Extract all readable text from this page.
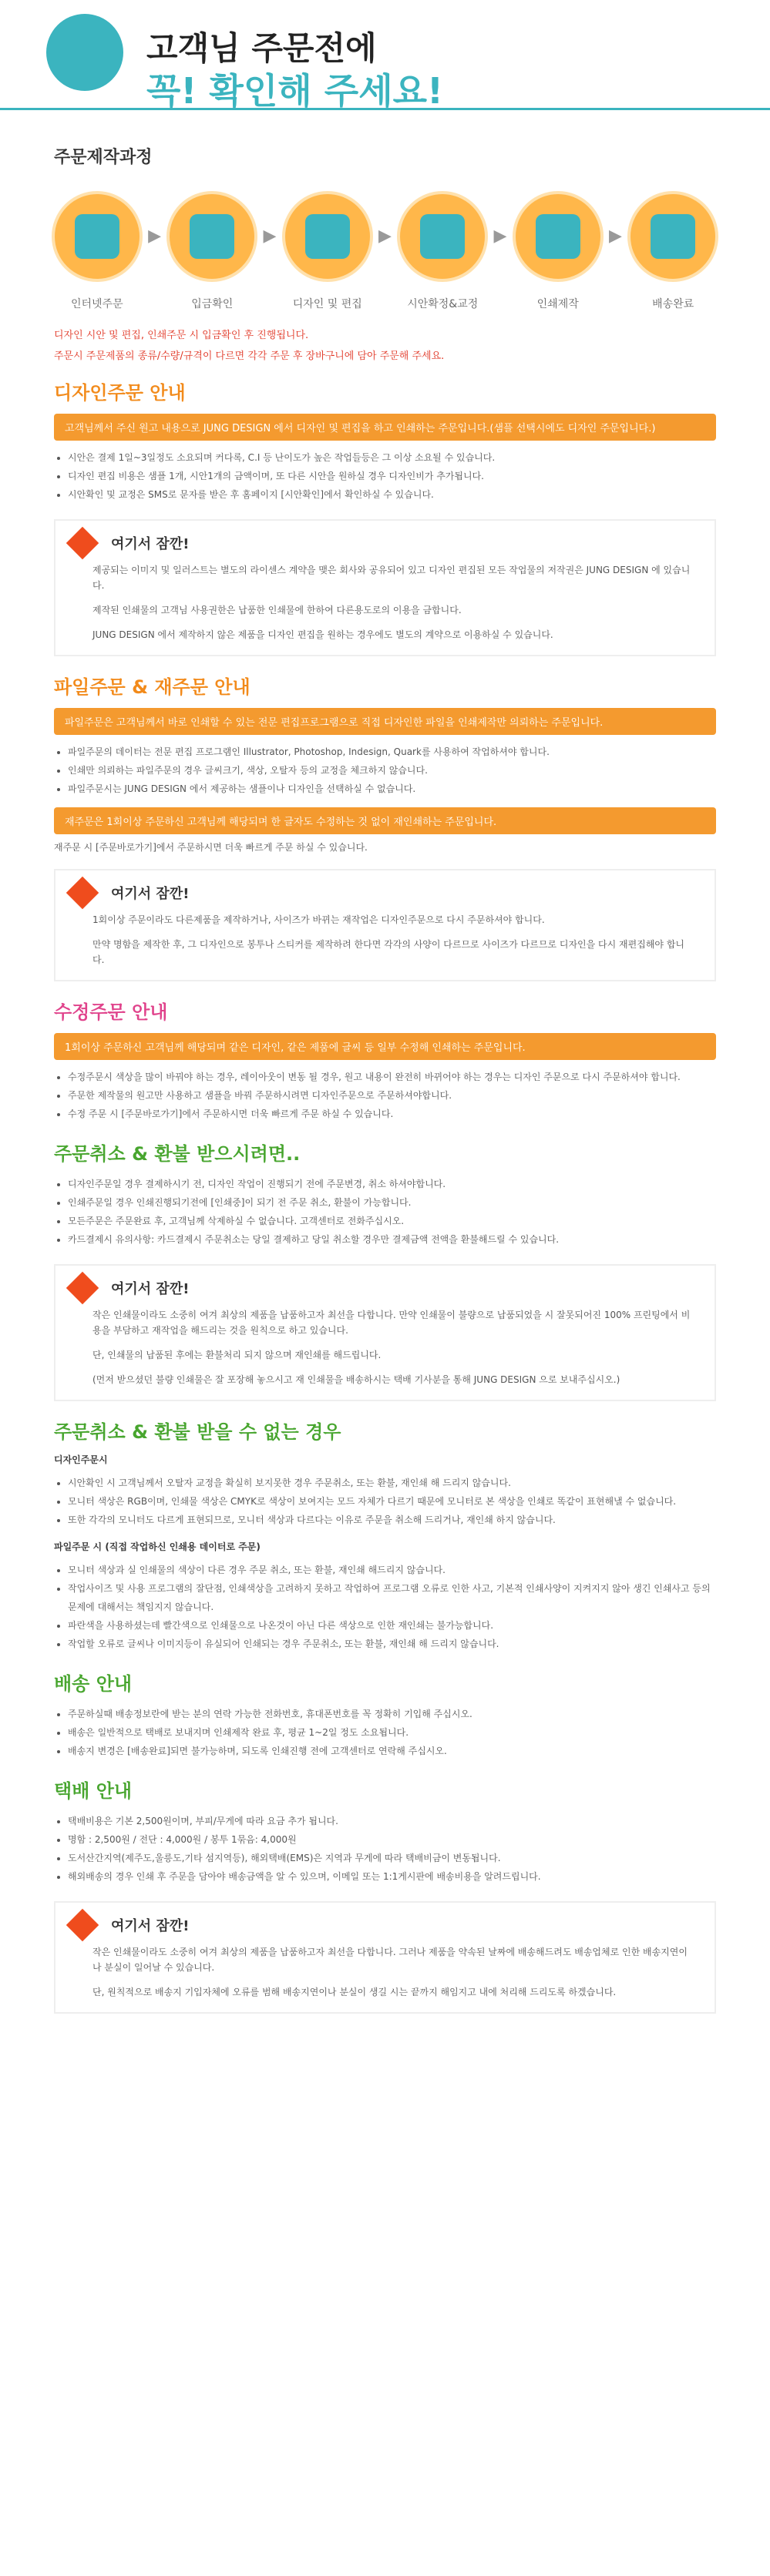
고객님 주문전에
꼭! 확인해 주세요!
주문제작과정
인터넷주문
▶
입금확인
▶
디자인 및 편집
▶
시안확정&교정
▶
인쇄제작
▶
배송완료
디자인 시안 및 편집, 인쇄주문 시 입금확인 후 진행됩니다.
주문시 주문제품의 종류/수량/규격이 다르면 각각 주문 후 장바구니에 담아 주문해 주세요.
디자인주문 안내
고객님께서 주신 원고 내용으로 JUNG DESIGN 에서 디자인 및 편집을 하고 인쇄하는 주문입니다.(샘플 선택시에도 디자인 주문입니다.)
• 시안은 결제 1일~3일정도 소요되며 커다록, C.I 등 난이도가 높은 작업들등은 그 이상 소요될 수 있습니다.
• 디자인 편집 비용은 샘플 1개, 시안1개의 금액이며, 또 다른 시안을 원하실 경우 디자인비가 추가됩니다.
• 시안확인 및 교정은 SMS로 문자를 받은 후 홈페이지 [시안확인]에서 확인하실 수 있습니다.
여기서 잠깐!

제공되는 이미지 및 일러스트는 별도의 라이센스 계약을 맺은 회사와 공유되어 있고 디자인 편집된 모든 작업물의 저작권은 JUNG DESIGN 에 있습니다.

제작된 인쇄물의 고객님 사용권한은 납품한 인쇄물에 한하여 다른용도로의 이용을 금합니다.

JUNG DESIGN 에서 제작하지 않은 제품을 디자인 편집을 원하는 경우에도 별도의 계약으로 이용하실 수 있습니다.

파일주문 & 재주문 안내
파일주문은 고객님께서 바로 인쇄할 수 있는 전문 편집프로그램으로 직접 디자인한 파일을 인쇄제작만 의뢰하는 주문입니다.
• 파일주문의 데이터는 전문 편집 프로그램인 Illustrator, Photoshop, Indesign, Quark를 사용하여 작업하셔야 합니다.
• 인쇄만 의뢰하는 파일주문의 경우 글씨크기, 색상, 오탈자 등의 교정을 체크하지 않습니다.
• 파일주문시는 JUNG DESIGN 에서 제공하는 샘플이나 디자인을 선택하실 수 없습니다.
재주문은 1회이상 주문하신 고객님께 해당되며 한 글자도 수정하는 것 없이 재인쇄하는 주문입니다.
재주문 시 [주문바로가기]에서 주문하시면 더욱 빠르게 주문 하실 수 있습니다.
여기서 잠깐!

1회이상 주문이라도 다른제품을 제작하거나, 사이즈가 바뀌는 재작업은 디자인주문으로 다시 주문하셔야 합니다.

만약 명함을 제작한 후, 그 디자인으로 봉투나 스티커를 제작하려 한다면 각각의 사양이 다르므로 사이즈가 다르므로 디자인을 다시 재편집해야 합니다.

수정주문 안내
1회이상 주문하신 고객님께 해당되며 같은 디자인, 같은 제품에 글씨 등 일부 수정해 인쇄하는 주문입니다.
• 수정주문시 색상을 많이 바꿔야 하는 경우, 레이아웃이 변동 될 경우, 원고 내용이 완전히 바뀌어야 하는 경우는 디자인 주문으로 다시 주문하셔야 합니다.
• 주문한 제작물의 원고만 사용하고 샘플을 바꿔 주문하시려면 디자인주문으로 주문하셔야합니다.
• 수정 주문 시 [주문바로가기]에서 주문하시면 더욱 빠르게 주문 하실 수 있습니다.
주문취소 & 환불 받으시려면..
• 디자인주문일 경우 결제하시기 전, 디자인 작업이 진행되기 전에 주문변경, 취소 하셔야합니다.
• 인쇄주문일 경우 인쇄진행되기전에 [인쇄중]이 되기 전 주문 취소, 환불이 가능합니다.
• 모든주문은 주문완료 후, 고객님께 삭제하실 수 없습니다. 고객센터로 전화주십시오.
• 카드결제시 유의사항: 카드결제시 주문취소는 당일 결제하고 당일 취소할 경우만 결제금액 전액을 환불해드릴 수 있습니다.
여기서 잠깐!

작은 인쇄물이라도 소중히 여겨 최상의 제품을 납품하고자 최선을 다합니다. 만약 인쇄물이 불량으로 납품되었을 시 잘못되어진 100% 프린팅에서 비용을 부담하고 재작업을 해드리는 것을 원칙으로 하고 있습니다.

단, 인쇄물의 납품된 후에는 환불처리 되지 않으며 재인쇄를 해드립니다.

(먼저 받으셨던 불량 인쇄물은 잘 포장해 놓으시고 재 인쇄물을 배송하시는 택배 기사분을 통해 JUNG DESIGN 으로 보내주십시오.)

주문취소 & 환불 받을 수 없는 경우
디자인주문시
• 시안확인 시 고객님께서 오탈자 교정을 확실히 보지못한 경우 주문취소, 또는 환불, 재인쇄 해 드리지 않습니다.
• 모니터 색상은 RGB이며, 인쇄물 색상은 CMYK로 색상이 보여지는 모드 자체가 다르기 때문에 모니터로 본 색상을 인쇄로 똑같이 표현해낼 수 없습니다.
• 또한 각각의 모니터도 다르게 표현되므로, 모니터 색상과 다르다는 이유로 주문을 취소해 드리거나, 재인쇄 하지 않습니다.
파일주문 시 (직접 작업하신 인쇄용 데이터로 주문)
• 모니터 색상과 실 인쇄물의 색상이 다른 경우 주문 취소, 또는 환불, 재인쇄 해드리지 않습니다.
• 작업사이즈 및 사용 프로그램의 잘단점, 인쇄색상을 고려하지 못하고 작업하여 프로그램 오류로 인한 사고, 기본적 인쇄사양이 지켜지지 않아 생긴 인쇄사고 등의 문제에 대해서는 책임지지 않습니다.
• 파란색을 사용하셨는데 빨간색으로 인쇄물으로 나온것이 아닌 다른 색상으로 인한 재인쇄는 불가능합니다.
• 작업할 오류로 글씨나 이미지등이 유실되어 인쇄되는 경우 주문취소, 또는 환불, 재인쇄 해 드리지 않습니다.
배송 안내
• 주문하실때 배송정보란에 받는 분의 연락 가능한 전화번호, 휴대폰번호를 꼭 정확히 기입해 주십시오.
• 배송은 일반적으로 택배로 보내지며 인쇄제작 완료 후, 평균 1~2일 정도 소요됩니다.
• 배송지 변경은 [배송완료]되면 불가능하며, 되도록 인쇄진행 전에 고객센터로 연락해 주십시오.
택배 안내
• 택배비용은 기본 2,500원이며, 부피/무게에 따라 요금 추가 됩니다.
• 명함 : 2,500원 / 전단 : 4,000원 / 봉투 1묶음: 4,000원
• 도서산간지역(제주도,울릉도,기타 섬지역등), 해외택배(EMS)은 지역과 무게에 따라 택배비금이 변동됩니다.
• 해외배송의 경우 인쇄 후 주문을 담아야 배송금액을 알 수 있으며, 이메일 또는 1:1게시판에 배송비용을 알려드립니다.
여기서 잠깐!

작은 인쇄물이라도 소중히 여겨 최상의 제품을 납품하고자 최선을 다합니다. 그러나 제품을 약속된 날짜에 배송해드려도 배송업체로 인한 배송지연이나 분실이 일어날 수 있습니다.

단, 원칙적으로 배송지 기입자체에 오류를 범해 배송지연이나 분실이 생길 시는 끝까지 해임지고 내에 처리해 드리도록 하겠습니다.
